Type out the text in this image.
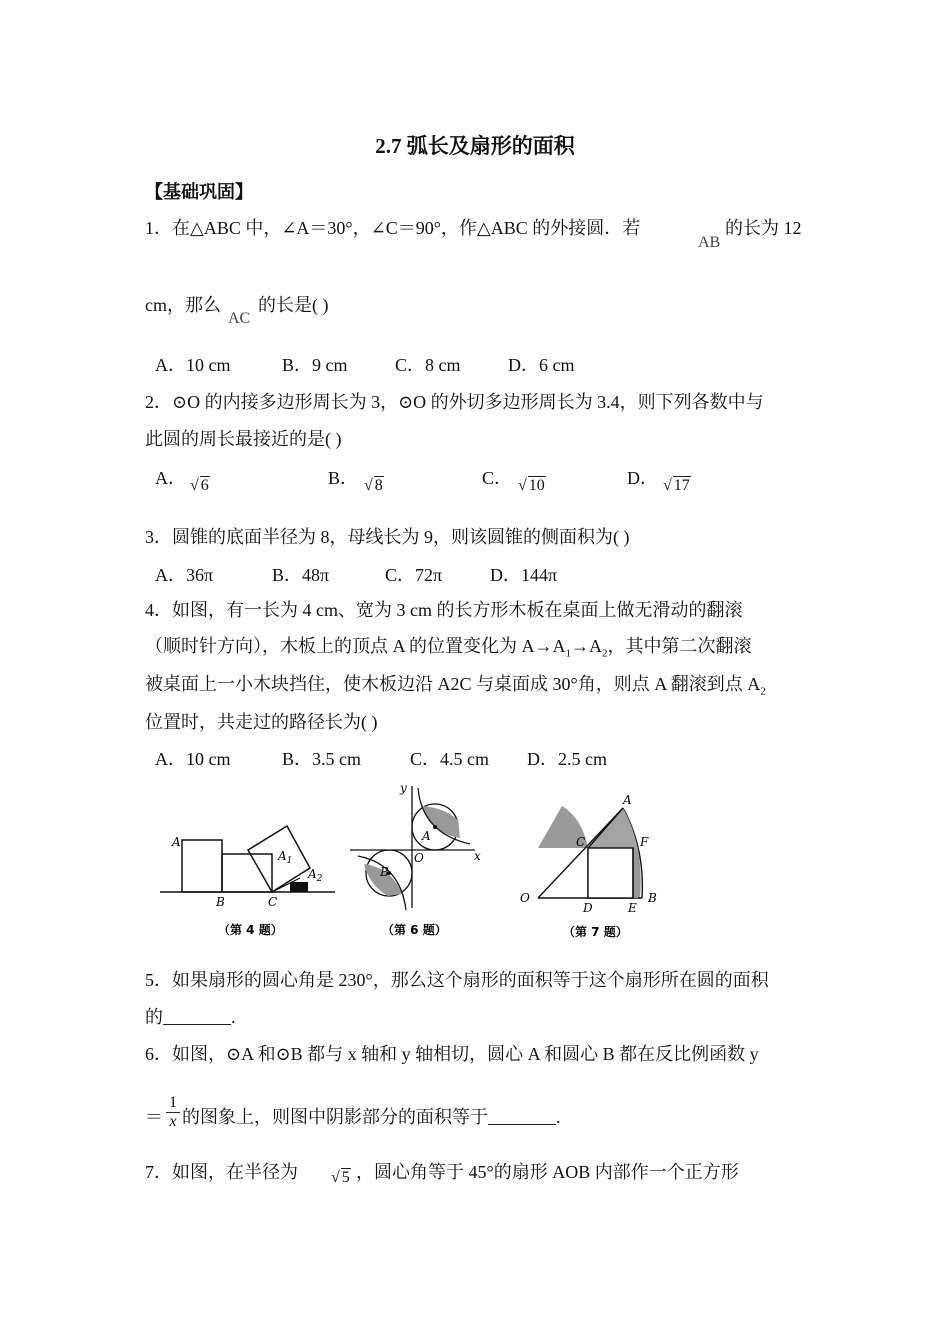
2.7 弧长及扇形的面积
【基础巩固】
1．在△ABC 中，∠A＝30°，∠C＝90°，作△ABC 的外接圆．若
AB
的长为 12
cm，那么
AC
的长是( )
A．10 cm	B．9 cm	C．8 cm	D．6 cm
2．⊙O 的内接多边形周长为 3，⊙O 的外切多边形周长为 3.4，则下列各数中与
此圆的周长最接近的是( )
A． √ 6	B． √ 8	C． √ 10	D． √ 17
3．圆锥的底面半径为 8，母线长为 9，则该圆锥的侧面积为( )
A．36π	B．48π	C．72π	D．144π
4．如图，有一长为 4 cm、宽为 3 cm 的长方形木板在桌面上做无滑动的翻滚
（顺时针方向），木板上的顶点 A 的位置变化为 $A\to A_1\to A_2$，其中第二次翻滚
被桌面上一小木块挡住，使木板边沿 A2C 与桌面成 30°角，则点 A 翻滚到点 $A_2$
位置时，共走过的路径长为( )
A．10 cm	B．3.5 cm	C．4.5 cm D．2.5 cm
A
$A_1$
$A_2$
B	C
（第 4 题）
y
x
O
A
B
（第 6 题）
A
C	F
O
D	E
B
（第 7 题）
5．如果扇形的圆心角是 230°，那么这个扇形的面积等于这个扇形所在圆的面积
的	.
6．如图，⊙A 和⊙B 都与 x 轴和 y 轴相切，圆心 A 和圆心 B 都在反比例函数 y
＝ $\frac{1}{x}$ 的图象上，则图中阴影部分的面积等于	.
7．如图，在半径为 √ 5 ，圆心角等于 45°的扇形 AOB 内部作一个正方形
